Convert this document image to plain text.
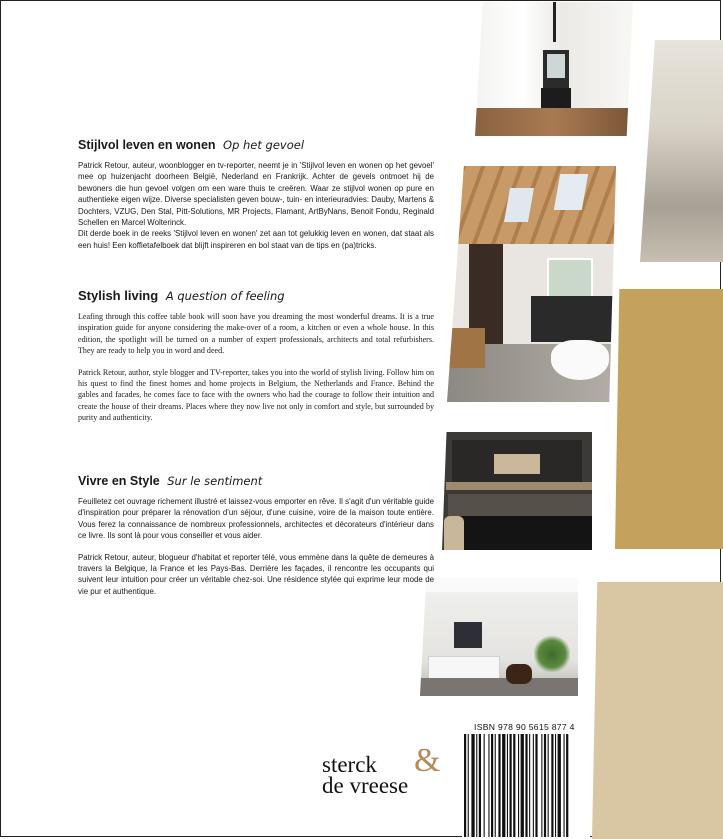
Stijlvol leven en wonen Op het gevoel

Patrick Retour, auteur, woonblogger en tv-reporter, neemt je in 'Stijlvol leven en wonen op het gevoel' mee op huizenjacht doorheen België, Nederland en Frankrijk. Achter de gevels ontmoet hij de bewoners die hun gevoel volgen om een ware thuis te creëren. Waar ze stijlvol wonen op pure en authentieke eigen wijze. Diverse specialisten geven bouw-, tuin- en interieuradvies: Dauby, Martens & Dochters, VZUG, Den Stal, Pitt-Solutions, MR Projects, Flamant, ArtByNans, Benoit Fondu, Reginald Schellen en Marcel Wolterinck.

Dit derde boek in de reeks 'Stijlvol leven en wonen' zet aan tot gelukkig leven en wonen, dat staat als een huis! Een koffietafelboek dat blijft inspireren en bol staat van de tips en (pa)tricks.

Stylish living A question of feeling

Leafing through this coffee table book will soon have you dreaming the most wonderful dreams. It is a true inspiration guide for anyone considering the make-over of a room, a kitchen or even a whole house. In this edition, the spotlight will be turned on a number of expert professionals, architects and total refurbishers. They are ready to help you in word and deed.

Patrick Retour, author, style blogger and TV-reporter, takes you into the world of stylish living. Follow him on his quest to find the finest homes and home projects in Belgium, the Netherlands and France. Behind the gables and facades, he comes face to face with the owners who had the courage to follow their intuition and create the house of their dreams. Places where they now live not only in comfort and style, but surrounded by purity and authenticity.

Vivre en Style Sur le sentiment

Feuilletez cet ouvrage richement illustré et laissez-vous emporter en rêve. Il s'agit d'un véritable guide d'inspiration pour préparer la rénovation d'un séjour, d'une cuisine, voire de la maison toute entière. Vous ferez la connaissance de nombreux professionnels, architectes et décorateurs d'intérieur dans ce livre. Ils sont là pour vous conseiller et vous aider.

Patrick Retour, auteur, blogueur d'habitat et reporter télé, vous emmène dans la quête de demeures à travers la Belgique, la France et les Pays-Bas. Derrière les façades, il rencontre les occupants qui suivent leur intuition pour créer un véritable chez-soi. Une résidence stylée qui exprime leur mode de vie pur et authentique.

sterck	&
de vreese
ISBN 978 90 5615 877 4
